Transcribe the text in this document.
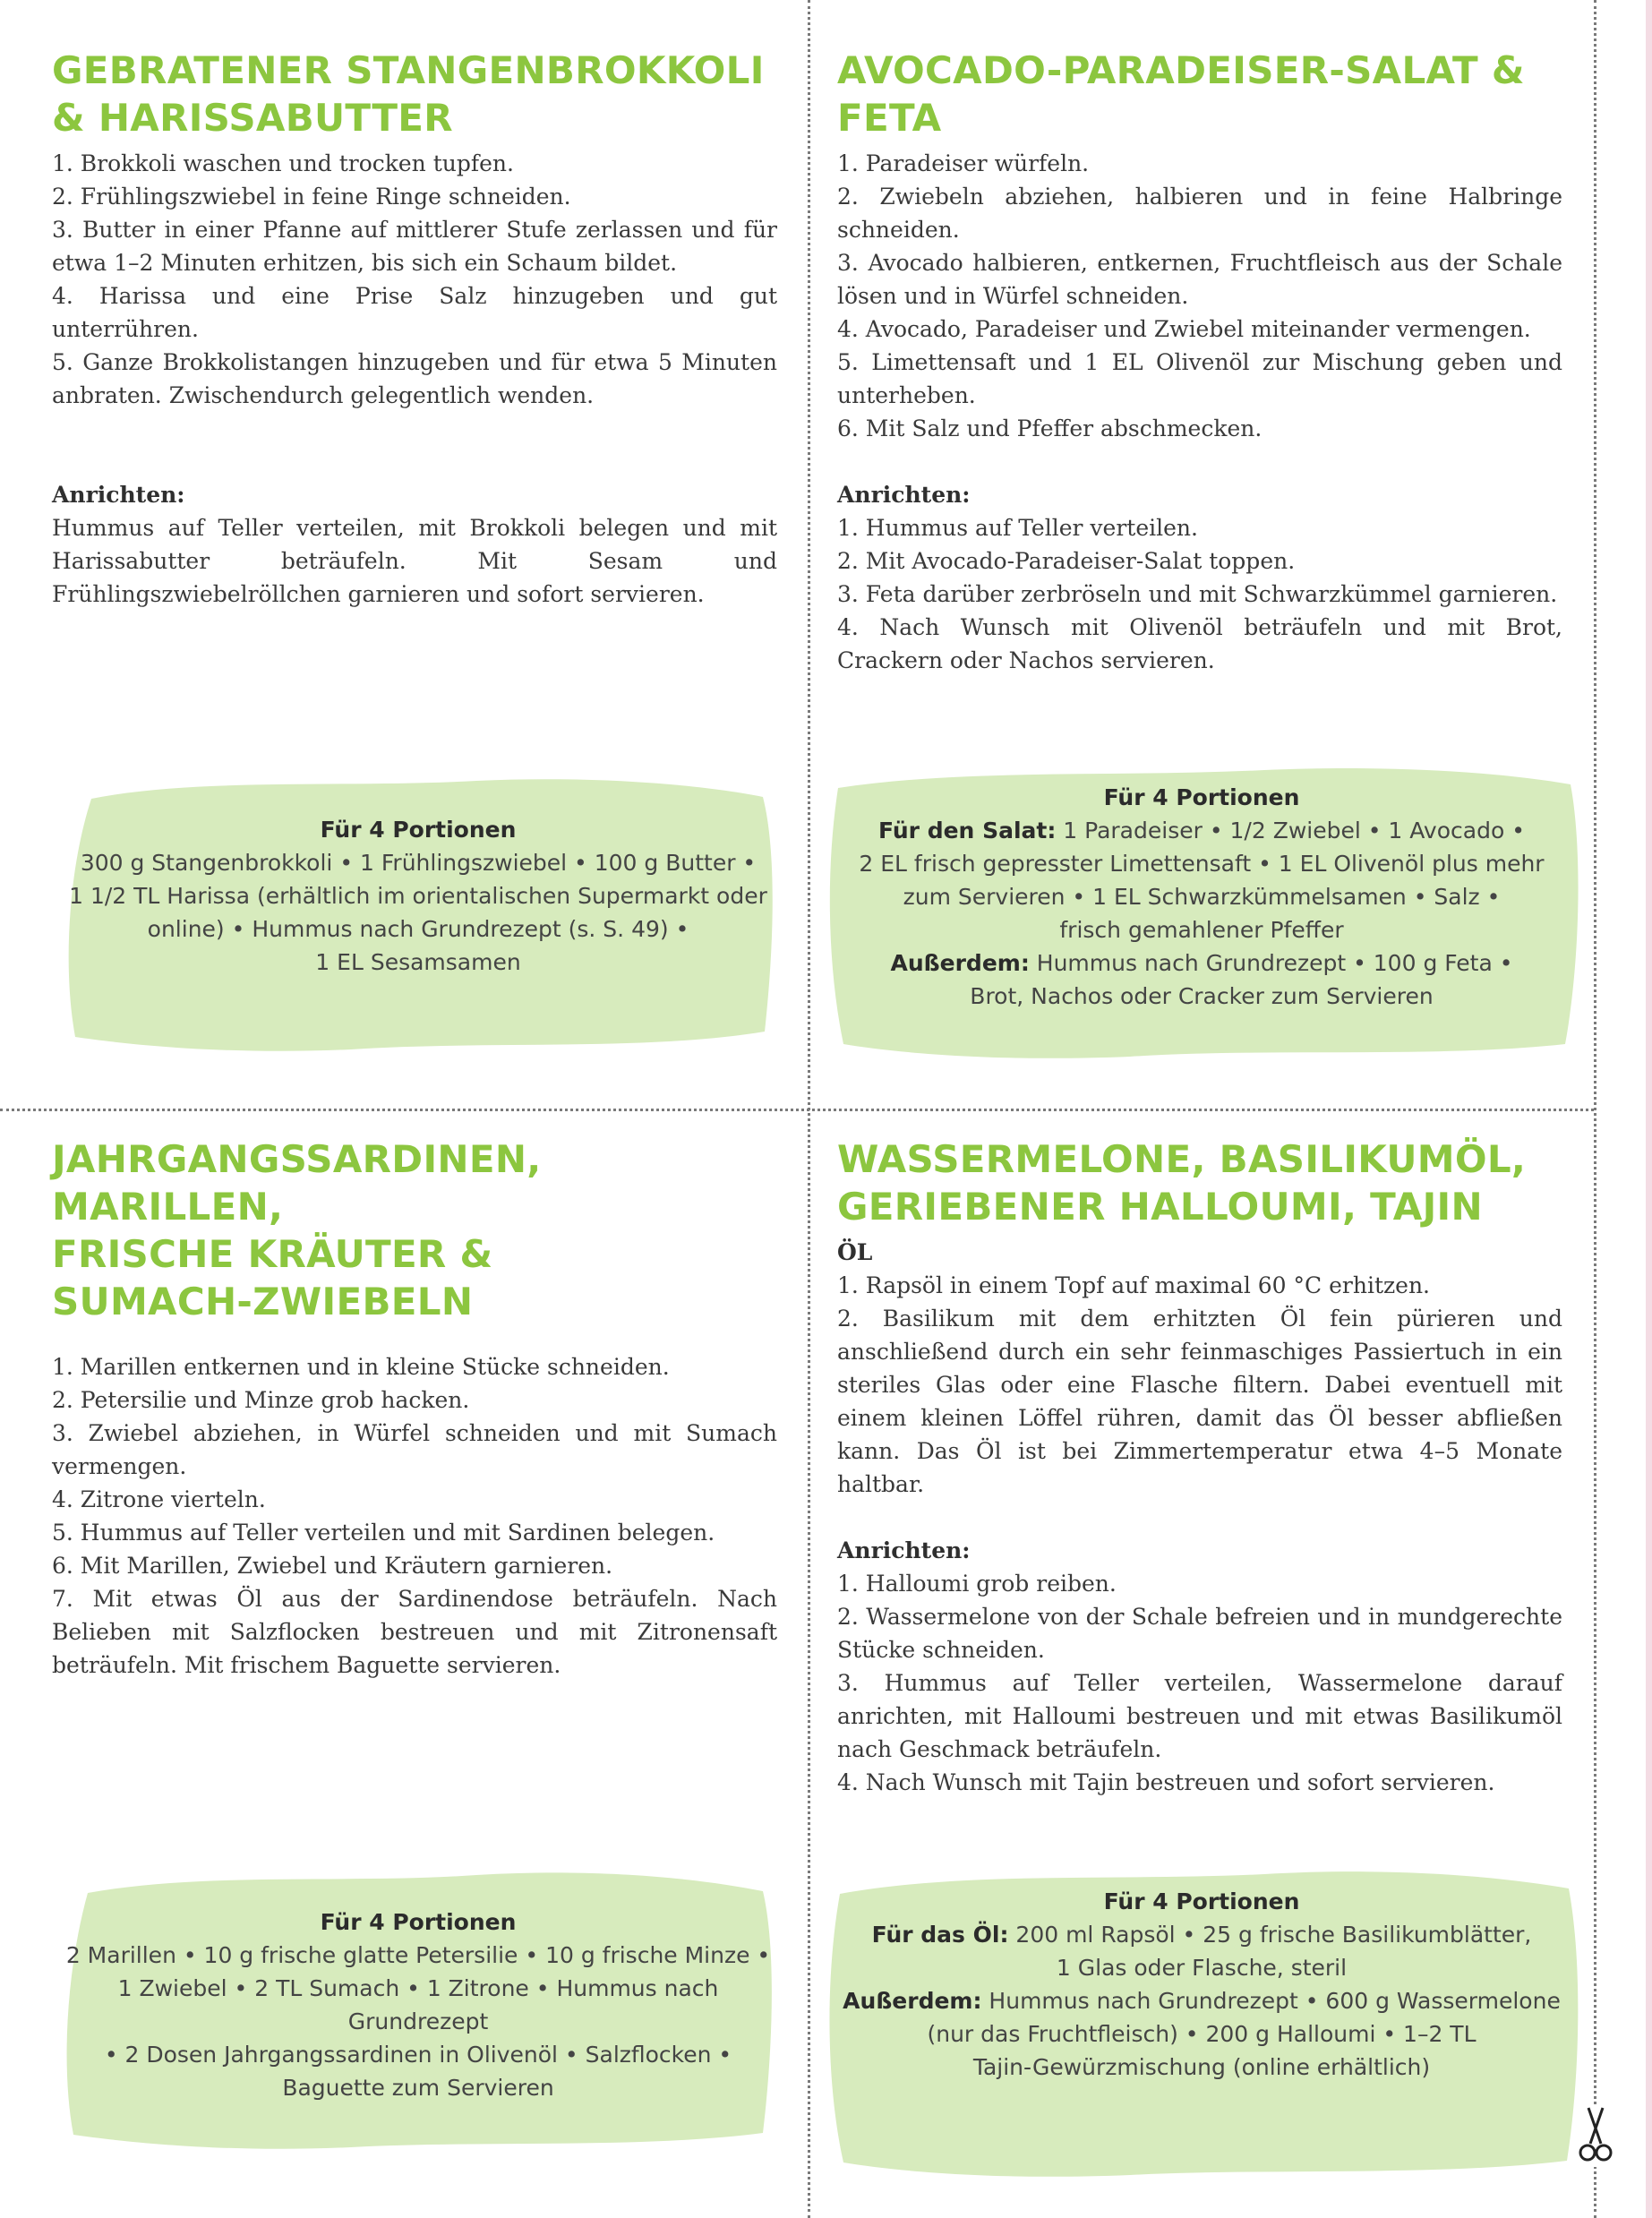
GEBRATENER STANGENBROKKOLI
& HARISSABUTTER
1. Brokkoli waschen und trocken tupfen.
2. Frühlingszwiebel in feine Ringe schneiden.
3. Butter in einer Pfanne auf mittlerer Stufe zerlassen und für etwa 1–2 Minuten erhitzen, bis sich ein Schaum bildet.
4. Harissa und eine Prise Salz hinzugeben und gut unterrühren.
5. Ganze Brokkolistangen hinzugeben und für etwa 5 Minuten anbraten. Zwischendurch gelegentlich wenden.
Anrichten:

Hummus auf Teller verteilen, mit Brokkoli belegen und mit Harissabutter beträufeln. Mit Sesam und Frühlingszwiebelröllchen garnieren und sofort servieren.

Für 4 Portionen
300 g Stangenbrokkoli • 1 Frühlingszwiebel • 100 g Butter •
1 1/2 TL Harissa (erhältlich im orientalischen Supermarkt oder
online) • Hummus nach Grundrezept (s. S. 49) •
1 EL Sesamsamen
AVOCADO-PARADEISER-SALAT &
FETA
1. Paradeiser würfeln.
2. Zwiebeln abziehen, halbieren und in feine Halbringe schneiden.
3. Avocado halbieren, entkernen, Fruchtfleisch aus der Schale lösen und in Würfel schneiden.
4. Avocado, Paradeiser und Zwiebel miteinander vermengen.
5. Limettensaft und 1 EL Olivenöl zur Mischung geben und unterheben.
6. Mit Salz und Pfeffer abschmecken.
Anrichten:
1. Hummus auf Teller verteilen.
2. Mit Avocado-Paradeiser-Salat toppen.
3. Feta darüber zerbröseln und mit Schwarzkümmel garnieren.
4. Nach Wunsch mit Olivenöl beträufeln und mit Brot, Crackern oder Nachos servieren.
Für 4 Portionen
Für den Salat: 1 Paradeiser • 1/2 Zwiebel • 1 Avocado •
2 EL frisch gepresster Limettensaft • 1 EL Olivenöl plus mehr
zum Servieren • 1 EL Schwarzkümmelsamen • Salz •
frisch gemahlener Pfeffer
Außerdem: Hummus nach Grundrezept • 100 g Feta •
Brot, Nachos oder Cracker zum Servieren
JAHRGANGSSARDINEN, MARILLEN,
FRISCHE KRÄUTER &
SUMACH-ZWIEBELN
1. Marillen entkernen und in kleine Stücke schneiden.
2. Petersilie und Minze grob hacken.
3. Zwiebel abziehen, in Würfel schneiden und mit Sumach vermengen.
4. Zitrone vierteln.
5. Hummus auf Teller verteilen und mit Sardinen belegen.
6. Mit Marillen, Zwiebel und Kräutern garnieren.
7. Mit etwas Öl aus der Sardinendose beträufeln. Nach Belieben mit Salzflocken bestreuen und mit Zitronensaft beträufeln. Mit frischem Baguette servieren.
Für 4 Portionen
2 Marillen • 10 g frische glatte Petersilie • 10 g frische Minze •
1 Zwiebel • 2 TL Sumach • 1 Zitrone • Hummus nach Grundrezept
• 2 Dosen Jahrgangssardinen in Olivenöl • Salzflocken •
Baguette zum Servieren
WASSERMELONE, BASILIKUMÖL,
GERIEBENER HALLOUMI, TAJIN
ÖL
1. Rapsöl in einem Topf auf maximal 60 °C erhitzen.
2. Basilikum mit dem erhitzten Öl fein pürieren und anschließend durch ein sehr feinmaschiges Passiertuch in ein steriles Glas oder eine Flasche filtern. Dabei eventuell mit einem kleinen Löffel rühren, damit das Öl besser abfließen kann. Das Öl ist bei Zimmertemperatur etwa 4–5 Monate haltbar.
Anrichten:
1. Halloumi grob reiben.
2. Wassermelone von der Schale befreien und in mundgerechte Stücke schneiden.
3. Hummus auf Teller verteilen, Wassermelone darauf anrichten, mit Halloumi bestreuen und mit etwas Basilikumöl nach Geschmack beträufeln.
4. Nach Wunsch mit Tajin bestreuen und sofort servieren.
Für 4 Portionen
Für das Öl: 200 ml Rapsöl • 25 g frische Basilikumblätter,
1 Glas oder Flasche, steril
Außerdem: Hummus nach Grundrezept • 600 g Wassermelone
(nur das Fruchtfleisch) • 200 g Halloumi • 1–2 TL
Tajin-Gewürzmischung (online erhältlich)
